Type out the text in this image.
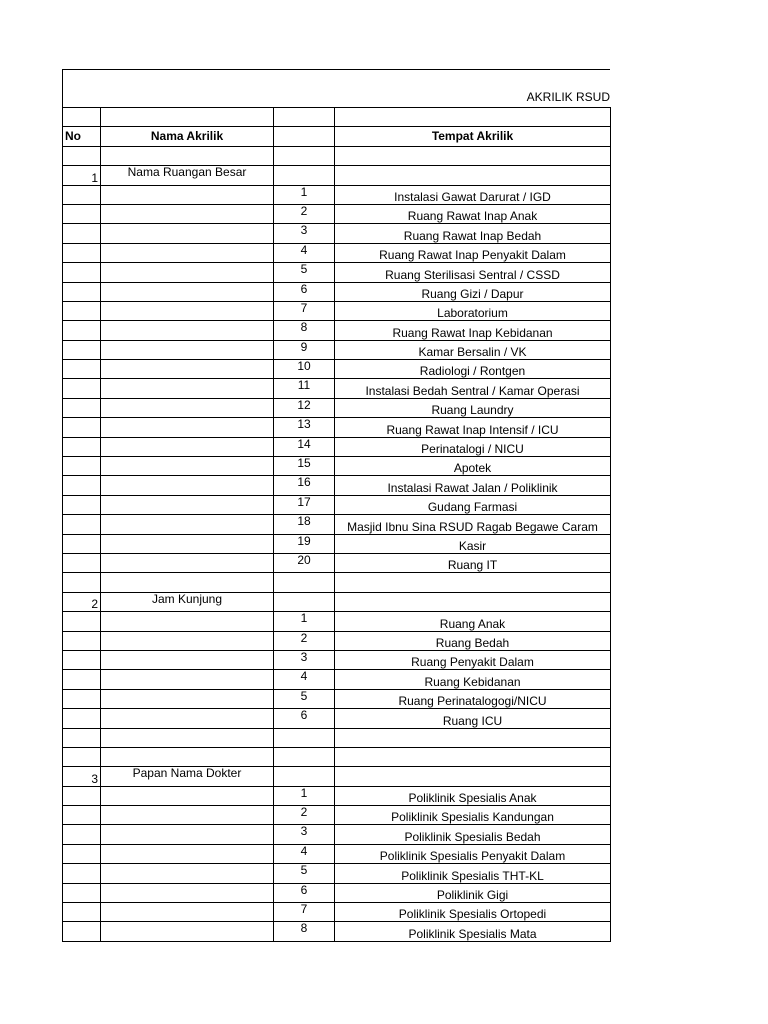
AKRILIK RSUD

No	Nama Akrilik		Tempat Akrilik

1	Nama Ruangan Besar		
		1	Instalasi Gawat Darurat / IGD
		2	Ruang Rawat Inap Anak
		3	Ruang Rawat Inap Bedah
		4	Ruang Rawat Inap Penyakit Dalam
		5	Ruang Sterilisasi Sentral / CSSD
		6	Ruang Gizi / Dapur
		7	Laboratorium
		8	Ruang Rawat Inap Kebidanan
		9	Kamar Bersalin / VK
		10	Radiologi / Rontgen
		11	Instalasi Bedah Sentral / Kamar Operasi
		12	Ruang Laundry
		13	Ruang Rawat Inap Intensif / ICU
		14	Perinatalogi / NICU
		15	Apotek
		16	Instalasi Rawat Jalan / Poliklinik
		17	Gudang Farmasi
		18	Masjid Ibnu Sina RSUD Ragab Begawe Caram
		19	Kasir
		20	Ruang IT

2	Jam Kunjung		
		1	Ruang Anak
		2	Ruang Bedah
		3	Ruang Penyakit Dalam
		4	Ruang Kebidanan
		5	Ruang Perinatalogogi/NICU
		6	Ruang ICU

3	Papan Nama Dokter		
		1	Poliklinik Spesialis Anak
		2	Poliklinik Spesialis Kandungan
		3	Poliklinik Spesialis Bedah
		4	Poliklinik Spesialis Penyakit Dalam
		5	Poliklinik Spesialis THT-KL
		6	Poliklinik Gigi
		7	Poliklinik Spesialis Ortopedi
		8	Poliklinik Spesialis Mata
